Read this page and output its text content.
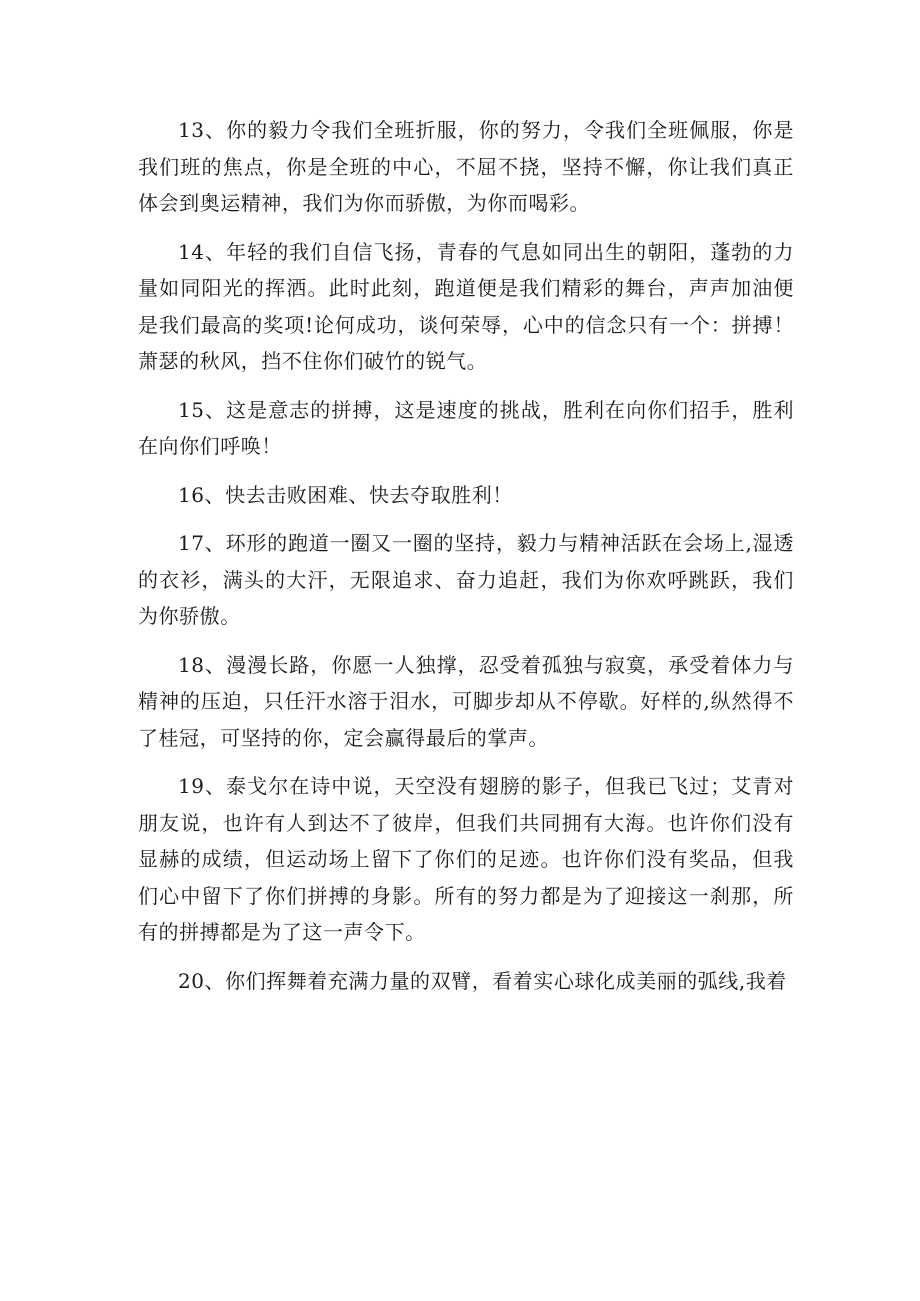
13、你的毅力令我们全班折服，你的努力，令我们全班佩服，你是我们班的焦点，你是全班的中心，不屈不挠，坚持不懈，你让我们真正体会到奥运精神，我们为你而骄傲，为你而喝彩。

14、年轻的我们自信飞扬，青春的气息如同出生的朝阳，蓬勃的力量如同阳光的挥洒。此时此刻，跑道便是我们精彩的舞台，声声加油便是我们最高的奖项!论何成功，谈何荣辱，心中的信念只有一个：拼搏！萧瑟的秋风，挡不住你们破竹的锐气。

15、这是意志的拼搏，这是速度的挑战，胜利在向你们招手，胜利在向你们呼唤！

16、快去击败困难、快去夺取胜利！

17、环形的跑道一圈又一圈的坚持，毅力与精神活跃在会场上,湿透的衣衫，满头的大汗，无限追求、奋力追赶，我们为你欢呼跳跃，我们为你骄傲。

18、漫漫长路，你愿一人独撑，忍受着孤独与寂寞，承受着体力与精神的压迫，只任汗水溶于泪水，可脚步却从不停歇。好样的,纵然得不了桂冠，可坚持的你，定会赢得最后的掌声。

19、泰戈尔在诗中说，天空没有翅膀的影子，但我已飞过；艾青对朋友说，也许有人到达不了彼岸，但我们共同拥有大海。也许你们没有显赫的成绩，但运动场上留下了你们的足迹。也许你们没有奖品，但我们心中留下了你们拼搏的身影。所有的努力都是为了迎接这一刹那，所有的拼搏都是为了这一声令下。

20、你们挥舞着充满力量的双臂，看着实心球化成美丽的弧线,我着
